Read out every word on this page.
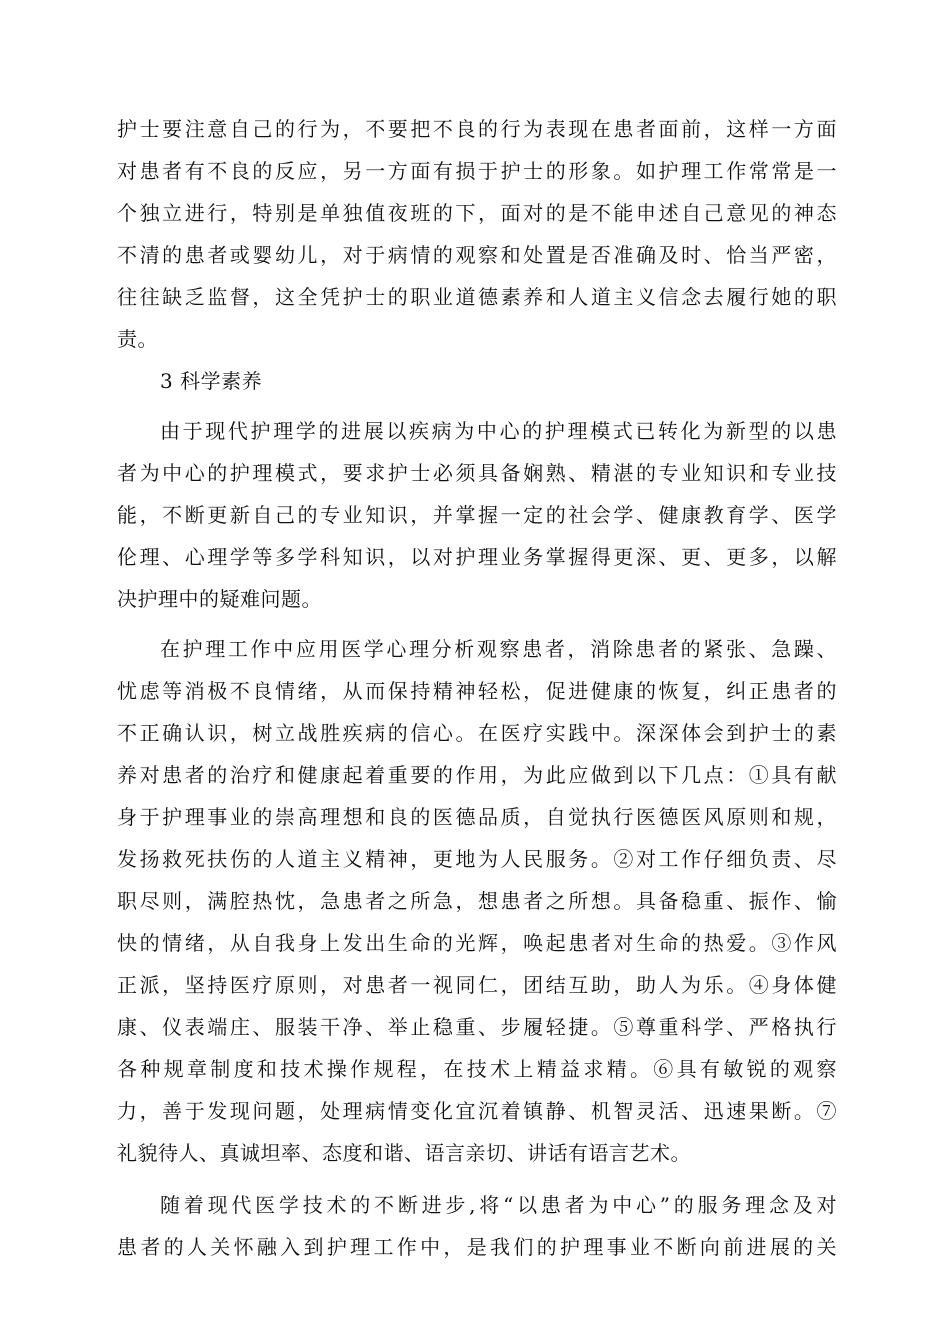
护士要注意自己的行为，不要把不良的行为表现在患者面前，这样一方面
对患者有不良的反应，另一方面有损于护士的形象。如护理工作常常是一
个独立进行，特别是单独值夜班的下，面对的是不能申述自己意见的神态
不清的患者或婴幼儿，对于病情的观察和处置是否准确及时、恰当严密，
往往缺乏监督，这全凭护士的职业道德素养和人道主义信念去履行她的职
责。
3 科学素养
由于现代护理学的进展以疾病为中心的护理模式已转化为新型的以患
者为中心的护理模式，要求护士必须具备娴熟、精湛的专业知识和专业技
能，不断更新自己的专业知识，并掌握一定的社会学、健康教育学、医学
伦理、心理学等多学科知识，以对护理业务掌握得更深、更、更多，以解
决护理中的疑难问题。
在护理工作中应用医学心理分析观察患者，消除患者的紧张、急躁、
忧虑等消极不良情绪，从而保持精神轻松，促进健康的恢复，纠正患者的
不正确认识，树立战胜疾病的信心。在医疗实践中。深深体会到护士的素
养对患者的治疗和健康起着重要的作用，为此应做到以下几点：①具有献
身于护理事业的崇高理想和良的医德品质，自觉执行医德医风原则和规，
发扬救死扶伤的人道主义精神，更地为人民服务。②对工作仔细负责、尽
职尽则，满腔热忱，急患者之所急，想患者之所想。具备稳重、振作、愉
快的情绪，从自我身上发出生命的光辉，唤起患者对生命的热爱。③作风
正派，坚持医疗原则，对患者一视同仁，团结互助，助人为乐。④身体健
康、仪表端庄、服装干净、举止稳重、步履轻捷。⑤尊重科学、严格执行
各种规章制度和技术操作规程，在技术上精益求精。⑥具有敏锐的观察
力，善于发现问题，处理病情变化宜沉着镇静、机智灵活、迅速果断。⑦
礼貌待人、真诚坦率、态度和谐、语言亲切、讲话有语言艺术。
随着现代医学技术的不断进步,将“以患者为中心”的服务理念及对
患者的人关怀融入到护理工作中，是我们的护理事业不断向前进展的关
